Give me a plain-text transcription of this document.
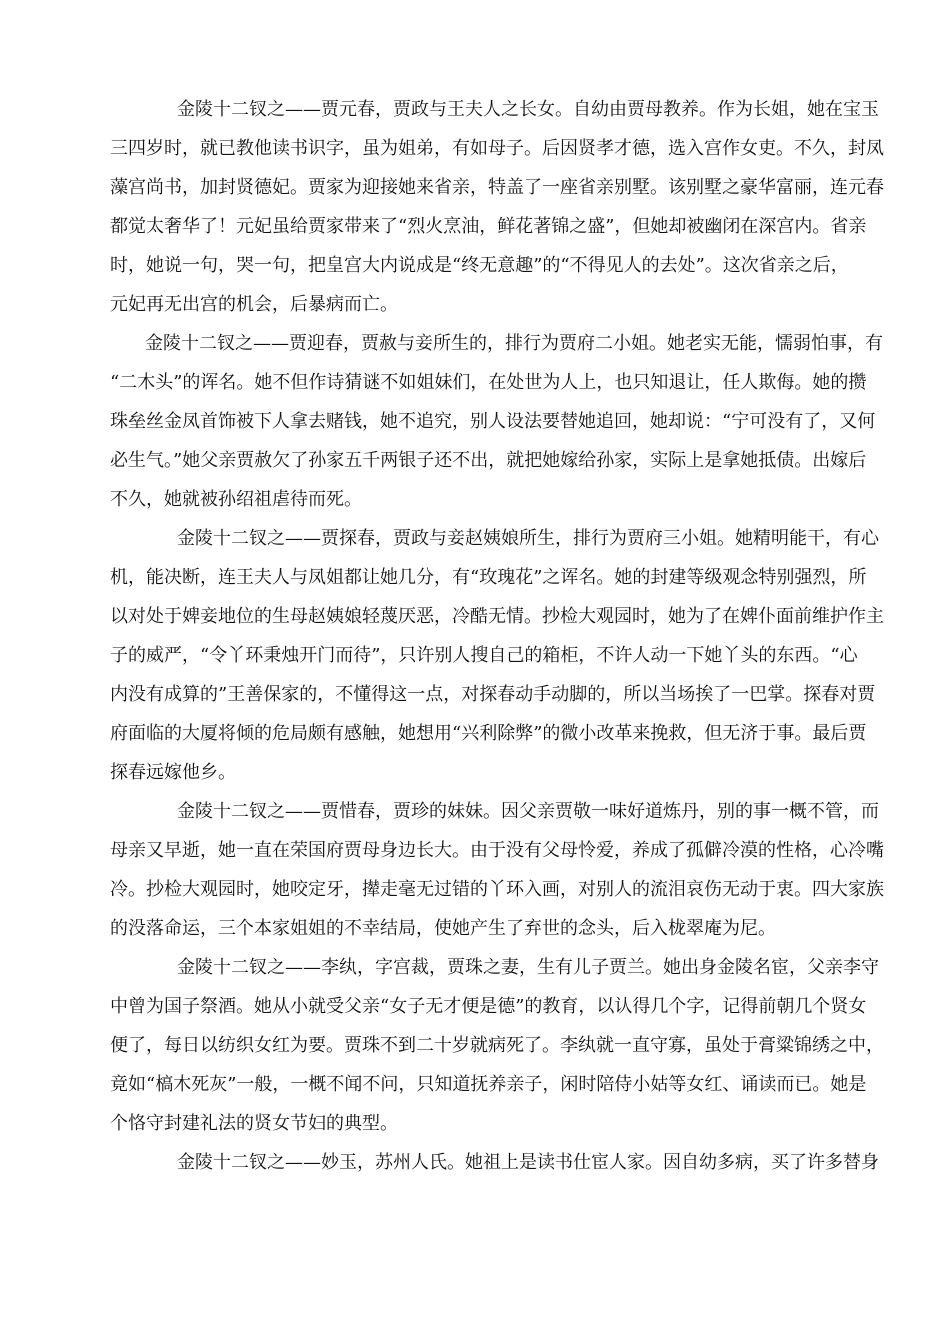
金陵十二钗之——贾元春，贾政与王夫人之长女。自幼由贾母教养。作为长姐，她在宝玉
三四岁时，就已教他读书识字，虽为姐弟，有如母子。后因贤孝才德，选入宫作女吏。不久，封凤
藻宫尚书，加封贤德妃。贾家为迎接她来省亲，特盖了一座省亲别墅。该别墅之豪华富丽，连元春
都觉太奢华了！元妃虽给贾家带来了“烈火烹油，鲜花著锦之盛”，但她却被幽闭在深宫内。省亲
时，她说一句，哭一句，把皇宫大内说成是“终无意趣”的“不得见人的去处”。这次省亲之后，
元妃再无出宫的机会，后暴病而亡。
金陵十二钗之——贾迎春，贾赦与妾所生的，排行为贾府二小姐。她老实无能，懦弱怕事，有
“二木头”的诨名。她不但作诗猜谜不如姐妹们，在处世为人上，也只知退让，任人欺侮。她的攒
珠垒丝金凤首饰被下人拿去赌钱，她不追究，别人设法要替她追回，她却说：“宁可没有了，又何
必生气。”她父亲贾赦欠了孙家五千两银子还不出，就把她嫁给孙家，实际上是拿她抵债。出嫁后
不久，她就被孙绍祖虐待而死。
金陵十二钗之——贾探春，贾政与妾赵姨娘所生，排行为贾府三小姐。她精明能干，有心
机，能决断，连王夫人与凤姐都让她几分，有“玫瑰花”之诨名。她的封建等级观念特别强烈，所
以对处于婢妾地位的生母赵姨娘轻蔑厌恶，冷酷无情。抄检大观园时，她为了在婢仆面前维护作主
子的威严，“令丫环秉烛开门而待”，只许别人搜自己的箱柜，不许人动一下她丫头的东西。“心
内没有成算的”王善保家的，不懂得这一点，对探春动手动脚的，所以当场挨了一巴掌。探春对贾
府面临的大厦将倾的危局颇有感触，她想用“兴利除弊”的微小改革来挽救，但无济于事。最后贾
探春远嫁他乡。
金陵十二钗之——贾惜春，贾珍的妹妹。因父亲贾敬一味好道炼丹，别的事一概不管，而
母亲又早逝，她一直在荣国府贾母身边长大。由于没有父母怜爱，养成了孤僻冷漠的性格，心冷嘴
冷。抄检大观园时，她咬定牙，撵走毫无过错的丫环入画，对别人的流泪哀伤无动于衷。四大家族
的没落命运，三个本家姐姐的不幸结局，使她产生了弃世的念头，后入栊翠庵为尼。
金陵十二钗之——李纨，字宫裁，贾珠之妻，生有儿子贾兰。她出身金陵名宦，父亲李守
中曾为国子祭酒。她从小就受父亲“女子无才便是德”的教育，以认得几个字，记得前朝几个贤女
便了，每日以纺织女红为要。贾珠不到二十岁就病死了。李纨就一直守寡，虽处于膏粱锦绣之中，
竟如“槁木死灰”一般，一概不闻不问，只知道抚养亲子，闲时陪侍小姑等女红、诵读而已。她是
个恪守封建礼法的贤女节妇的典型。
金陵十二钗之——妙玉，苏州人氏。她祖上是读书仕宦人家。因自幼多病，买了许多替身
